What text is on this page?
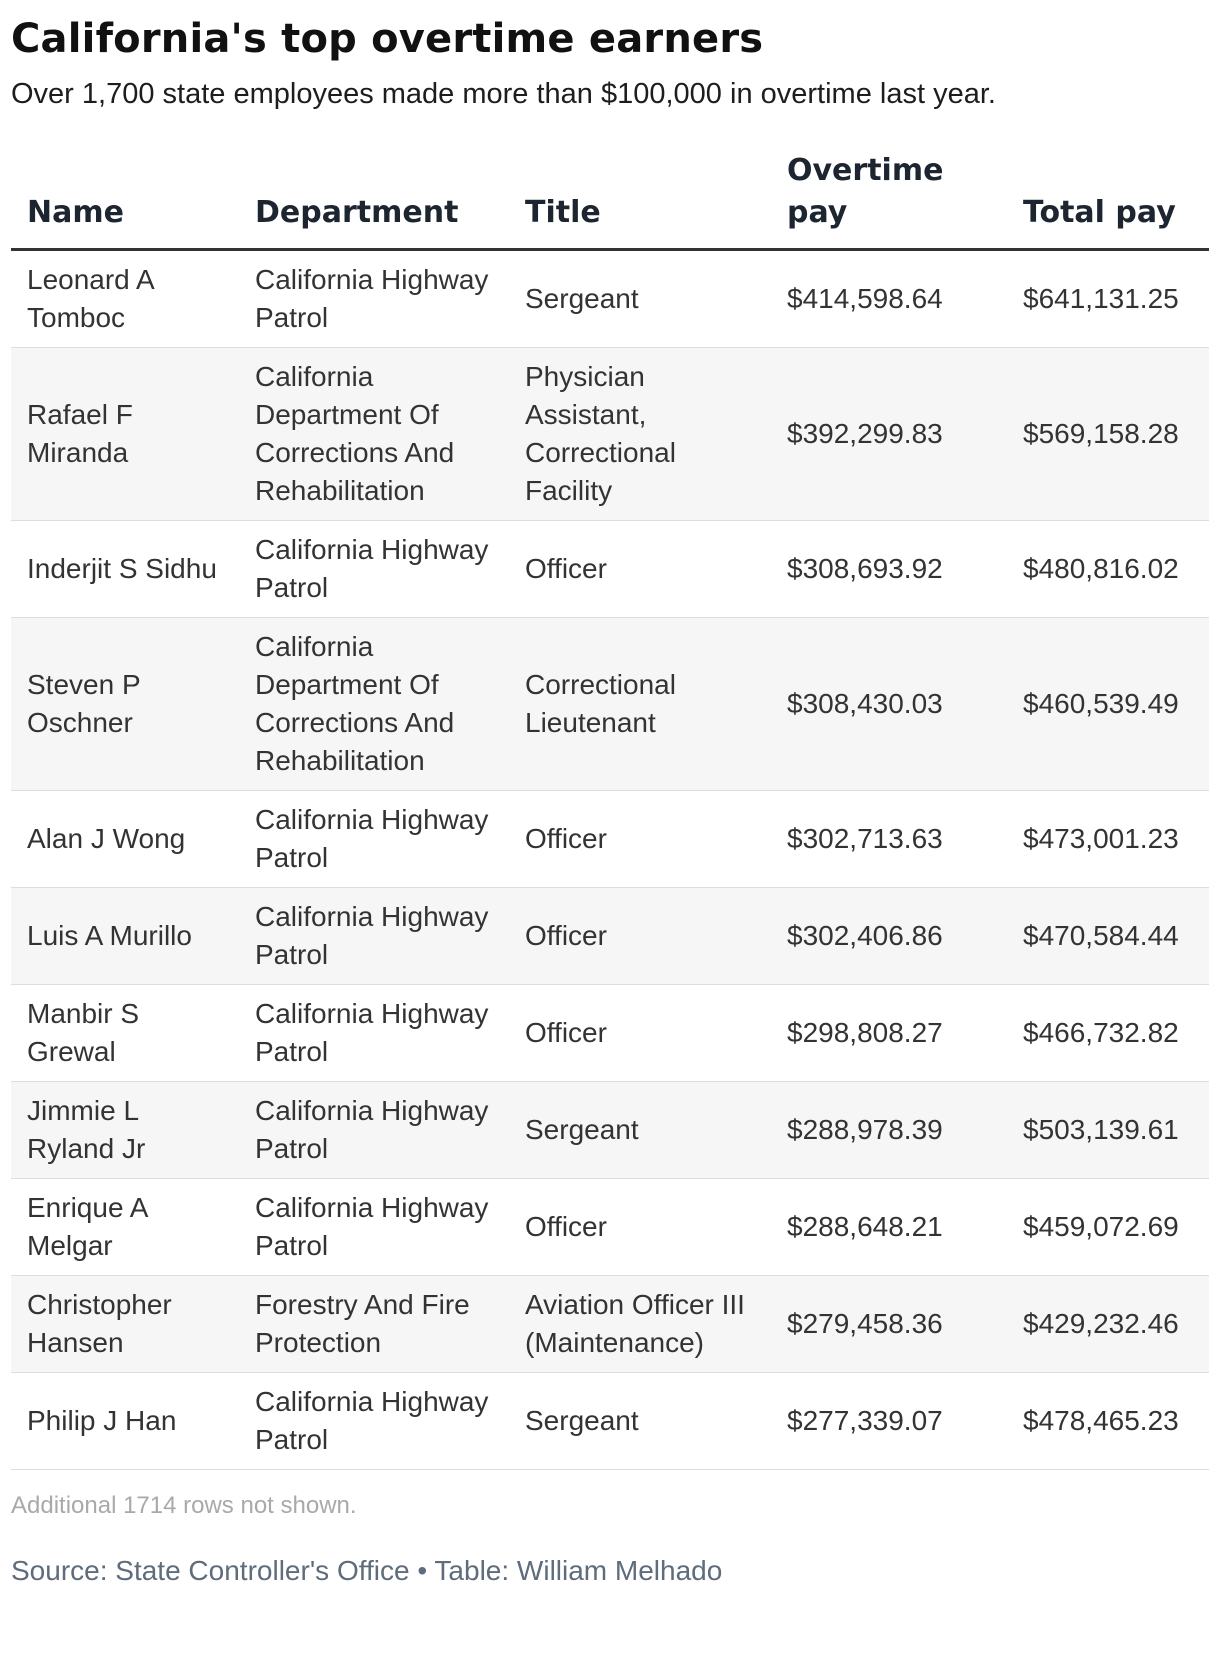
California's top overtime earners

Over 1,700 state employees made more than $100,000 in overtime last year.

Name	Department	Title	Overtime pay	Total pay
Leonard A Tomboc	California Highway Patrol	Sergeant	$414,598.64	$641,131.25
Rafael F Miranda	California Department Of Corrections And Rehabilitation	Physician Assistant, Correctional Facility	$392,299.83	$569,158.28
Inderjit S Sidhu	California Highway Patrol	Officer	$308,693.92	$480,816.02
Steven P Oschner	California Department Of Corrections And Rehabilitation	Correctional Lieutenant	$308,430.03	$460,539.49
Alan J Wong	California Highway Patrol	Officer	$302,713.63	$473,001.23
Luis A Murillo	California Highway Patrol	Officer	$302,406.86	$470,584.44
Manbir S Grewal	California Highway Patrol	Officer	$298,808.27	$466,732.82
Jimmie L Ryland Jr	California Highway Patrol	Sergeant	$288,978.39	$503,139.61
Enrique A Melgar	California Highway Patrol	Officer	$288,648.21	$459,072.69
Christopher Hansen	Forestry And Fire Protection	Aviation Officer III (Maintenance)	$279,458.36	$429,232.46
Philip J Han	California Highway Patrol	Sergeant	$277,339.07	$478,465.23
Additional 1714 rows not shown.
Source: State Controller's Office • Table: William Melhado
